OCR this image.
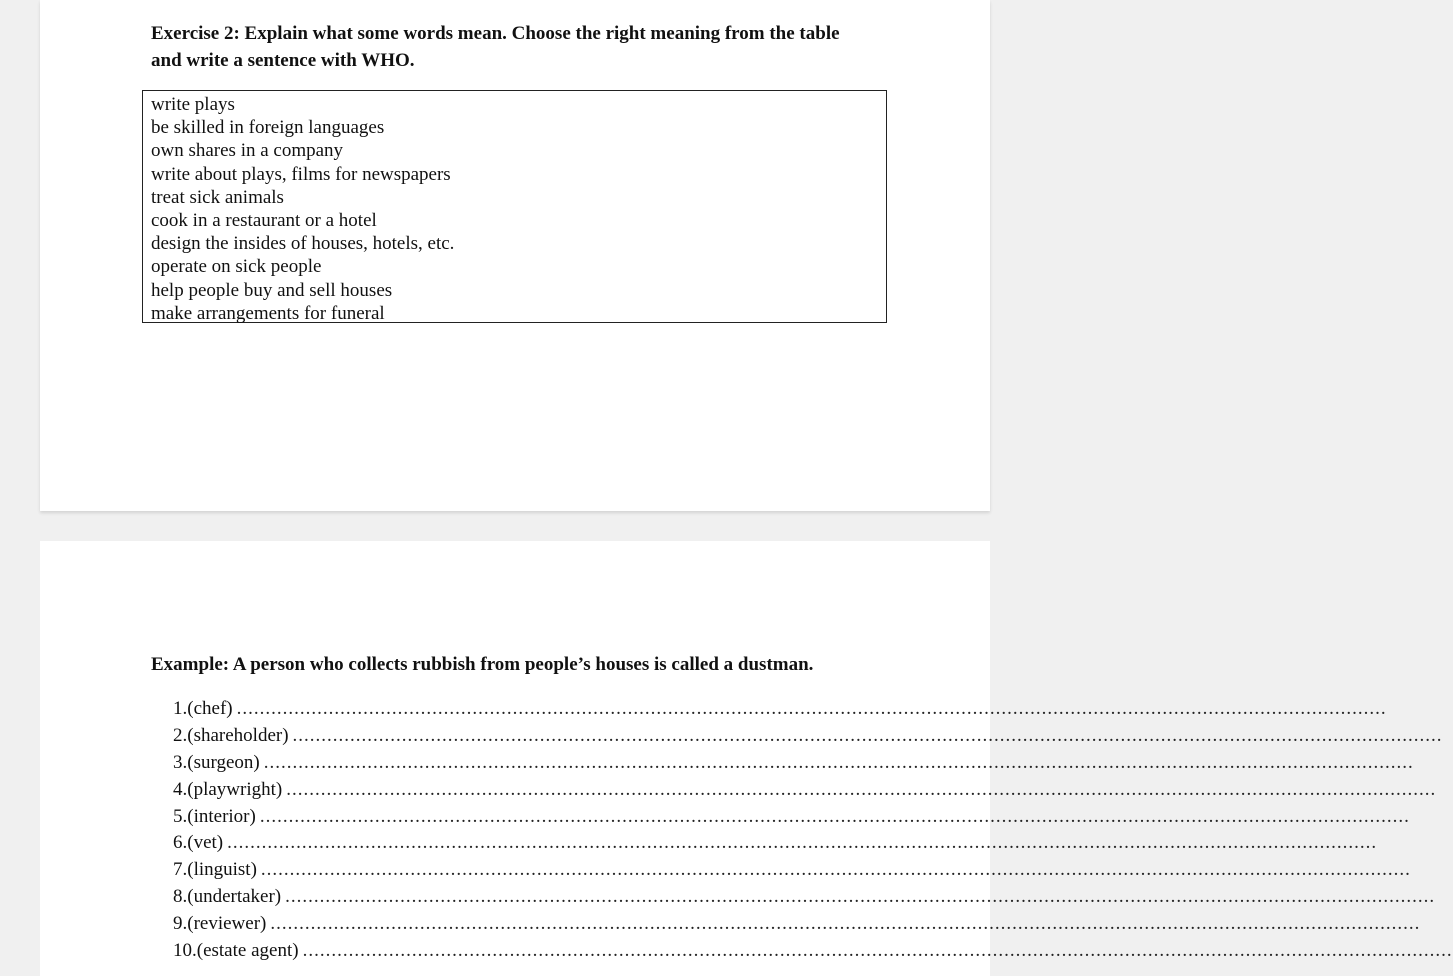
Exercise 2: Explain what some words mean. Choose the right meaning from the table and write a sentence with WHO.

write plays
be skilled in foreign languages
own shares in a company
write about plays, films for newspapers
treat sick animals
cook in a restaurant or a hotel
design the insides of houses, hotels, etc.
operate on sick people
help people buy and sell houses
make arrangements for funeral

Example: A person who collects rubbish from people’s houses is called a dustman.

1. (chef) ........................................................................................................................................................................................................
2. (shareholder) ........................................................................................................................................................................................................
3. (surgeon) ........................................................................................................................................................................................................
4. (playwright) ........................................................................................................................................................................................................
5. (interior) ........................................................................................................................................................................................................
6. (vet) ........................................................................................................................................................................................................
7. (linguist) ........................................................................................................................................................................................................
8. (undertaker) ........................................................................................................................................................................................................
9. (reviewer) ........................................................................................................................................................................................................
10. (estate agent) ........................................................................................................................................................................................................
